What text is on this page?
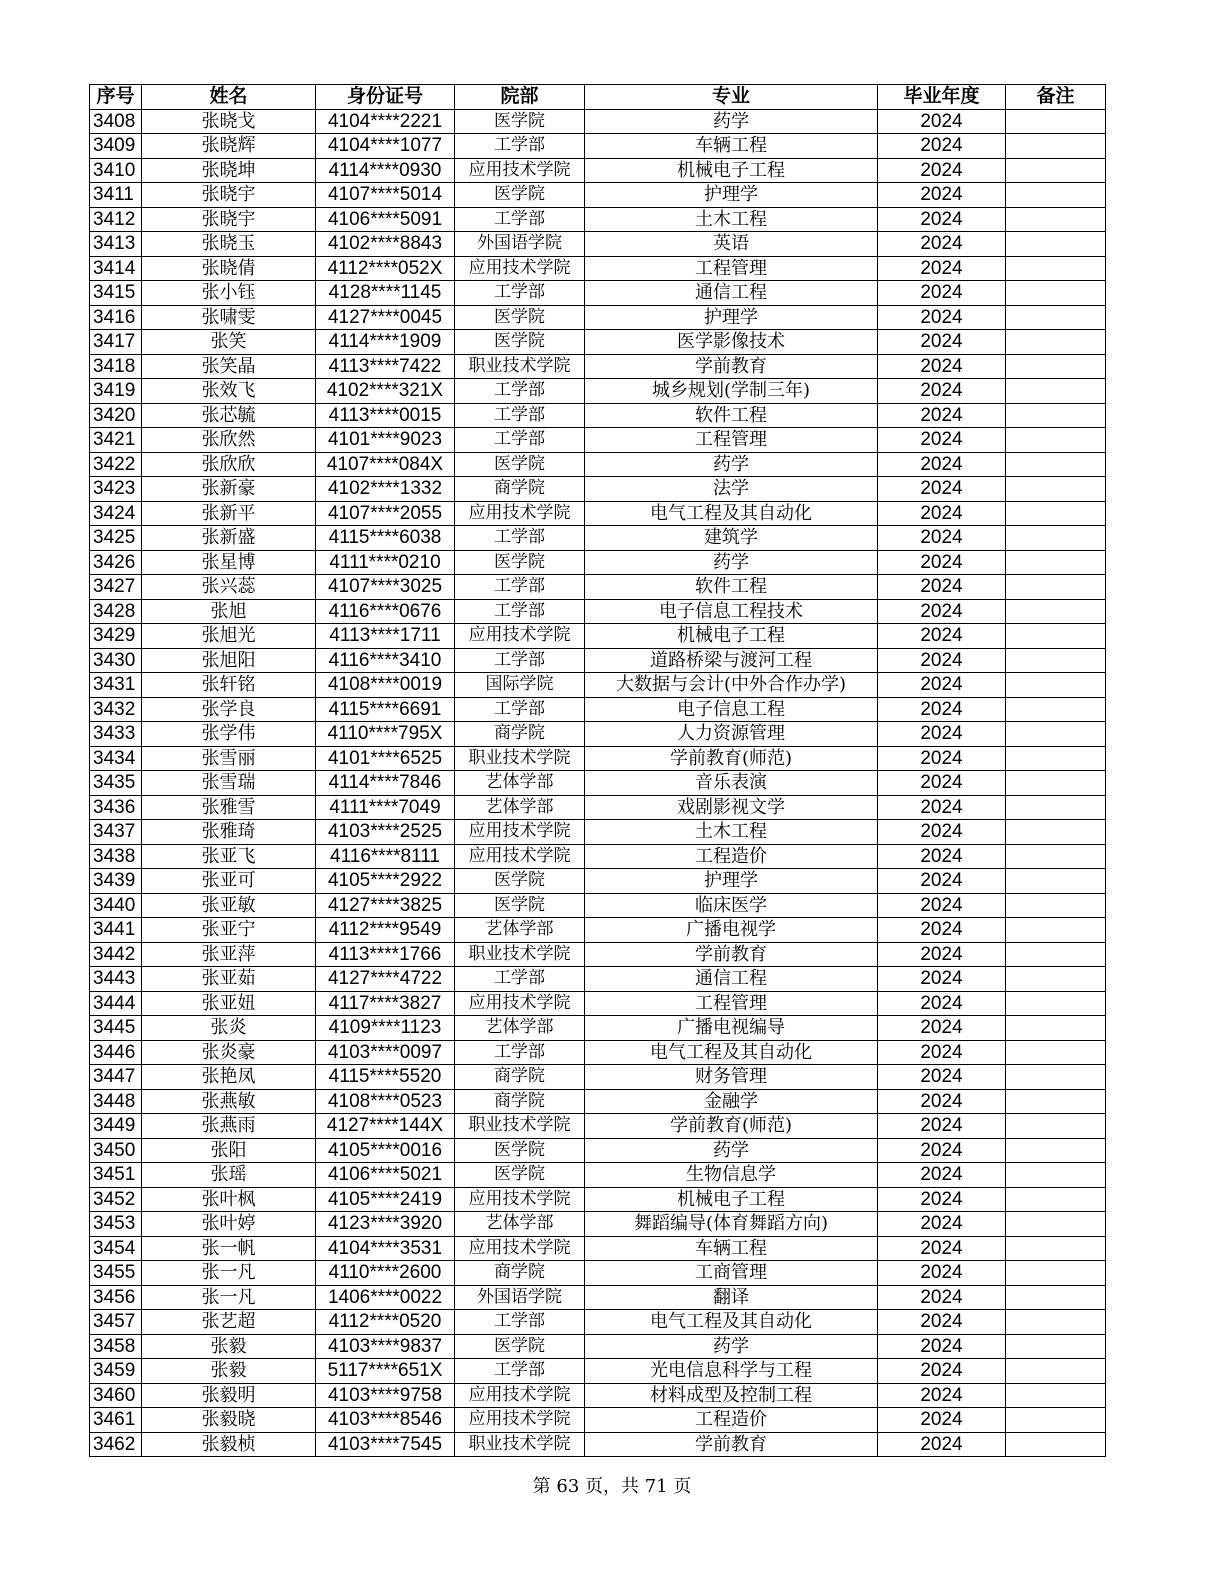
序号	姓名	身份证号	院部	专业	毕业年度	备注
3408	张晓戈	4104****2221	医学院	药学	2024	
3409	张晓辉	4104****1077	工学部	车辆工程	2024	
3410	张晓坤	4114****0930	应用技术学院	机械电子工程	2024	
3411	张晓宇	4107****5014	医学院	护理学	2024	
3412	张晓宇	4106****5091	工学部	土木工程	2024	
3413	张晓玉	4102****8843	外国语学院	英语	2024	
3414	张晓倩	4112****052X	应用技术学院	工程管理	2024	
3415	张小钰	4128****1145	工学部	通信工程	2024	
3416	张啸雯	4127****0045	医学院	护理学	2024	
3417	张笑	4114****1909	医学院	医学影像技术	2024	
3418	张笑晶	4113****7422	职业技术学院	学前教育	2024	
3419	张效飞	4102****321X	工学部	城乡规划(学制三年)	2024	
3420	张芯毓	4113****0015	工学部	软件工程	2024	
3421	张欣然	4101****9023	工学部	工程管理	2024	
3422	张欣欣	4107****084X	医学院	药学	2024	
3423	张新豪	4102****1332	商学院	法学	2024	
3424	张新平	4107****2055	应用技术学院	电气工程及其自动化	2024	
3425	张新盛	4115****6038	工学部	建筑学	2024	
3426	张星博	4111****0210	医学院	药学	2024	
3427	张兴蕊	4107****3025	工学部	软件工程	2024	
3428	张旭	4116****0676	工学部	电子信息工程技术	2024	
3429	张旭光	4113****1711	应用技术学院	机械电子工程	2024	
3430	张旭阳	4116****3410	工学部	道路桥梁与渡河工程	2024	
3431	张轩铭	4108****0019	国际学院	大数据与会计(中外合作办学)	2024	
3432	张学良	4115****6691	工学部	电子信息工程	2024	
3433	张学伟	4110****795X	商学院	人力资源管理	2024	
3434	张雪丽	4101****6525	职业技术学院	学前教育(师范)	2024	
3435	张雪瑞	4114****7846	艺体学部	音乐表演	2024	
3436	张雅雪	4111****7049	艺体学部	戏剧影视文学	2024	
3437	张雅琦	4103****2525	应用技术学院	土木工程	2024	
3438	张亚飞	4116****8111	应用技术学院	工程造价	2024	
3439	张亚可	4105****2922	医学院	护理学	2024	
3440	张亚敏	4127****3825	医学院	临床医学	2024	
3441	张亚宁	4112****9549	艺体学部	广播电视学	2024	
3442	张亚萍	4113****1766	职业技术学院	学前教育	2024	
3443	张亚茹	4127****4722	工学部	通信工程	2024	
3444	张亚妞	4117****3827	应用技术学院	工程管理	2024	
3445	张炎	4109****1123	艺体学部	广播电视编导	2024	
3446	张炎豪	4103****0097	工学部	电气工程及其自动化	2024	
3447	张艳凤	4115****5520	商学院	财务管理	2024	
3448	张燕敏	4108****0523	商学院	金融学	2024	
3449	张燕雨	4127****144X	职业技术学院	学前教育(师范)	2024	
3450	张阳	4105****0016	医学院	药学	2024	
3451	张瑶	4106****5021	医学院	生物信息学	2024	
3452	张叶枫	4105****2419	应用技术学院	机械电子工程	2024	
3453	张叶婷	4123****3920	艺体学部	舞蹈编导(体育舞蹈方向)	2024	
3454	张一帆	4104****3531	应用技术学院	车辆工程	2024	
3455	张一凡	4110****2600	商学院	工商管理	2024	
3456	张一凡	1406****0022	外国语学院	翻译	2024	
3457	张艺超	4112****0520	工学部	电气工程及其自动化	2024	
3458	张毅	4103****9837	医学院	药学	2024	
3459	张毅	5117****651X	工学部	光电信息科学与工程	2024	
3460	张毅明	4103****9758	应用技术学院	材料成型及控制工程	2024	
3461	张毅晓	4103****8546	应用技术学院	工程造价	2024	
3462	张毅桢	4103****7545	职业技术学院	学前教育	2024	
第 63 页，共 71 页
